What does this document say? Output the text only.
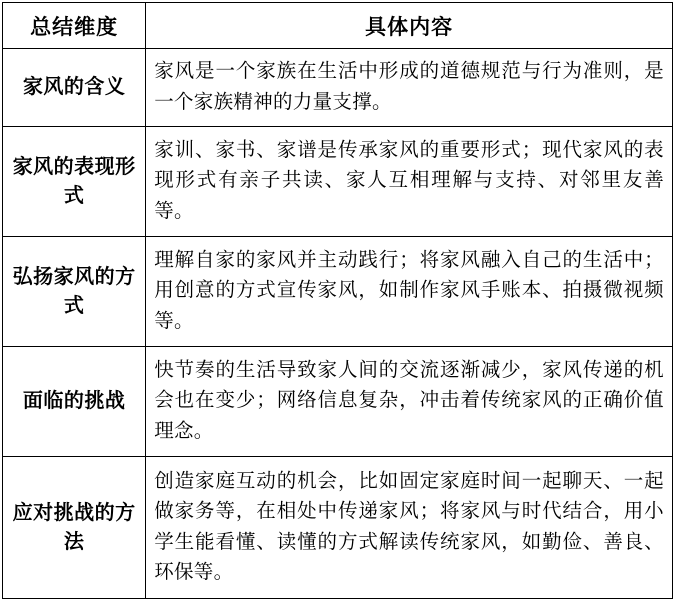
总结维度	具体内容
家风的含义	家风是一个家族在生活中形成的道德规范与行为准则，是一个家族精神的力量支撑。
家风的表现形式	家训、家书、家谱是传承家风的重要形式；现代家风的表现形式有亲子共读、家人互相理解与支持、对邻里友善等。
弘扬家风的方式	理解自家的家风并主动践行；将家风融入自己的生活中；用创意的方式宣传家风，如制作家风手账本、拍摄微视频等。
面临的挑战	快节奏的生活导致家人间的交流逐渐减少，家风传递的机会也在变少；网络信息复杂，冲击着传统家风的正确价值理念。
应对挑战的方法	创造家庭互动的机会，比如固定家庭时间一起聊天、一起做家务等，在相处中传递家风；将家风与时代结合，用小学生能看懂、读懂的方式解读传统家风，如勤俭、善良、环保等。
